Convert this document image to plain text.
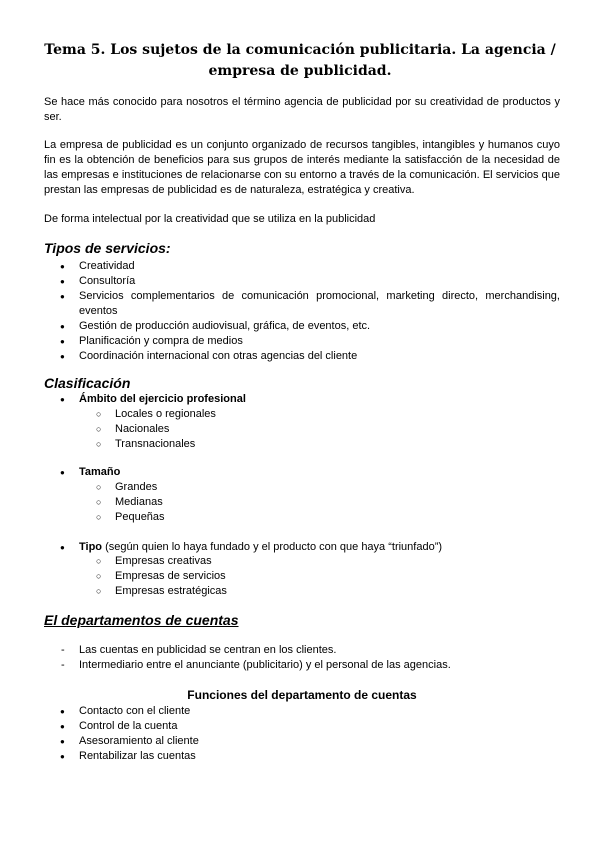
Tema 5. Los sujetos de la comunicación publicitaria. La agencia / empresa de publicidad.

Se hace más conocido para nosotros el término agencia de publicidad por su creatividad de productos y ser.

La empresa de publicidad es un conjunto organizado de recursos tangibles, intangibles y humanos cuyo fin es la obtención de beneficios para sus grupos de interés mediante la satisfacción de la necesidad de las empresas e instituciones de relacionarse con su entorno a través de la comunicación. El servicios que prestan las empresas de publicidad es de naturaleza, estratégica y creativa.

De forma intelectual por la creatividad que se utiliza en la publicidad

Tipos de servicios:
● Creatividad
● Consultoría
● Servicios complementarios de comunicación promocional, marketing directo, merchandising, eventos
● Gestión de producción audiovisual, gráfica, de eventos, etc.
● Planificación y compra de medios
● Coordinación internacional con otras agencias del cliente
Clasificación
● Ámbito del ejercicio profesional
○ Locales o regionales
○ Nacionales
○ Transnacionales
● Tamaño
○ Grandes
○ Medianas
○ Pequeñas
● Tipo (según quien lo haya fundado y el producto con que haya “triunfado”)
○ Empresas creativas
○ Empresas de servicios
○ Empresas estratégicas
El departamentos de cuentas
- Las cuentas en publicidad se centran en los clientes.
- Intermediario entre el anunciante (publicitario) y el personal de las agencias.
Funciones del departamento de cuentas
● Contacto con el cliente
● Control de la cuenta
● Asesoramiento al cliente
● Rentabilizar las cuentas
